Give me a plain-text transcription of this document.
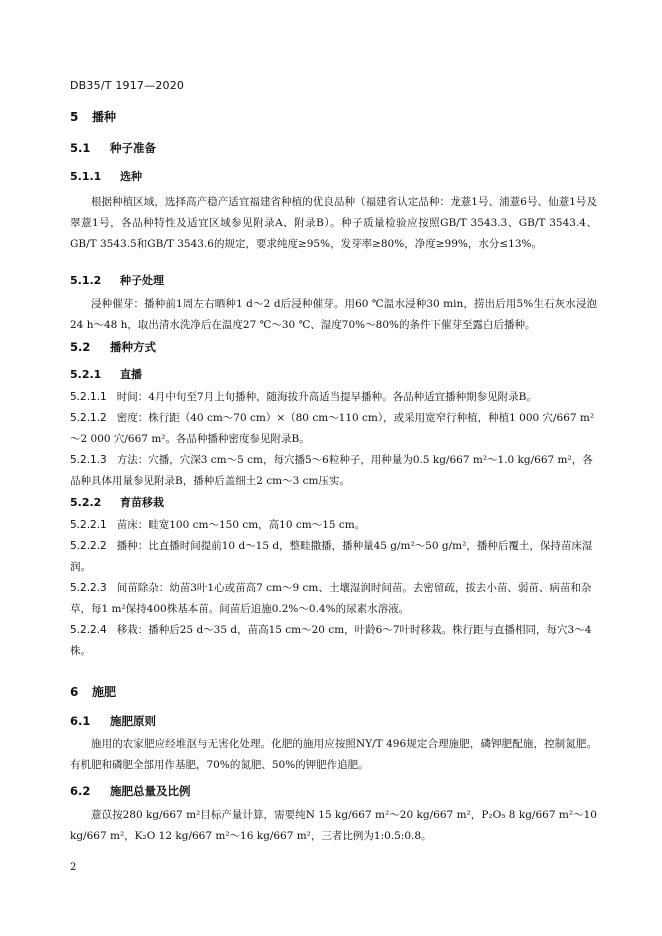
DB35/T 1917—2020
5 播种
5.1 种子准备
5.1.1 选种
根据种植区域，选择高产稳产适宜福建省种植的优良品种（福建省认定品种：龙薏1号、浦薏6号、仙薏1号及翠薏1号，各品种特性及适宜区域参见附录A、附录B）。种子质量检验应按照GB/T 3543.3、GB/T 3543.4、GB/T 3543.5和GB/T 3543.6的规定，要求纯度≥95%，发芽率≥80%，净度≥99%，水分≤13%。
5.1.2 种子处理
浸种催芽：播种前1周左右晒种1 d～2 d后浸种催芽。用60 ℃温水浸种30 min，捞出后用5%生石灰水浸泡24 h～48 h，取出清水洗净后在温度27 ℃～30 ℃、湿度70%～80%的条件下催芽至露白后播种。
5.2 播种方式
5.2.1 直播
5.2.1.1 时间：4月中旬至7月上旬播种，随海拔升高适当提早播种。各品种适宜播种期参见附录B。
5.2.1.2 密度：株行距（40 cm～70 cm）×（80 cm～110 cm），或采用宽窄行种植，种植1 000 穴/667 m²～2 000 穴/667 m²。各品种播种密度参见附录B。
5.2.1.3 方法：穴播，穴深3 cm～5 cm，每穴播5～6粒种子，用种量为0.5 kg/667 m²～1.0 kg/667 m²，各品种具体用量参见附录B，播种后盖细土2 cm～3 cm压实。
5.2.2 育苗移栽
5.2.2.1 苗床：畦宽100 cm～150 cm，高10 cm～15 cm。
5.2.2.2 播种：比直播时间提前10 d～15 d，整畦撒播，播种量45 g/m²～50 g/m²，播种后覆土，保持苗床湿润。
5.2.2.3 间苗除杂：幼苗3叶1心或苗高7 cm～9 cm、土壤湿润时间苗。去密留疏，拔去小苗、弱苗、病苗和杂草，每1 m²保持400株基本苗。间苗后追施0.2%～0.4%的尿素水溶液。
5.2.2.4 移栽：播种后25 d～35 d，苗高15 cm～20 cm，叶龄6～7叶时移栽。株行距与直播相同，每穴3～4株。
6 施肥
6.1 施肥原则
施用的农家肥应经堆沤与无害化处理。化肥的施用应按照NY/T 496规定合理施肥，磷钾肥配施，控制氮肥。有机肥和磷肥全部用作基肥，70%的氮肥、50%的钾肥作追肥。
6.2 施肥总量及比例
薏苡按280 kg/667 m²目标产量计算，需要纯N 15 kg/667 m²～20 kg/667 m²，P₂O₅ 8 kg/667 m²～10 kg/667 m²，K₂O 12 kg/667 m²～16 kg/667 m²，三者比例为1:0.5:0.8。
2
